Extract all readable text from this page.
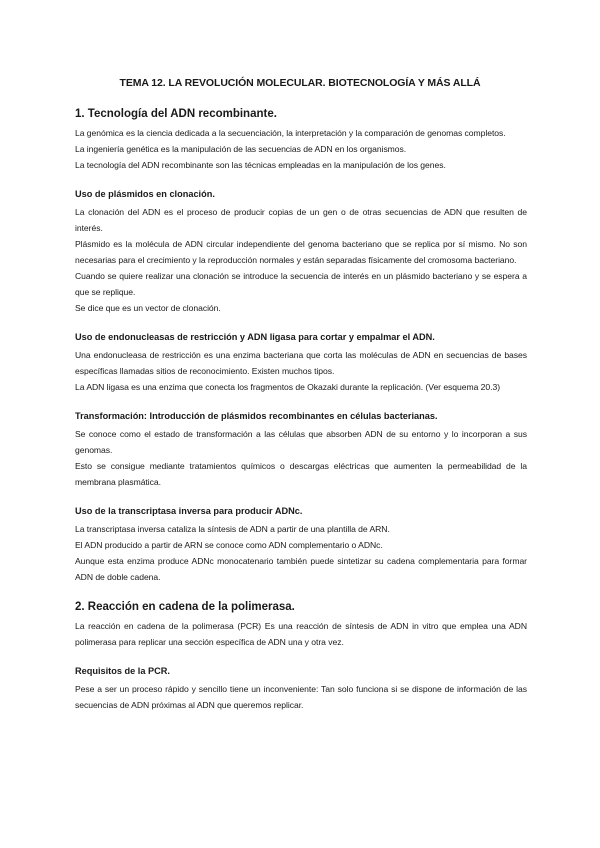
TEMA 12. LA REVOLUCIÓN MOLECULAR. BIOTECNOLOGÍA Y MÁS ALLÁ
1. Tecnología del ADN recombinante.

La genómica es la ciencia dedicada a la secuenciación, la interpretación y la comparación de genomas completos.

La ingeniería genética es la manipulación de las secuencias de ADN en los organismos.

La tecnología del ADN recombinante son las técnicas empleadas en la manipulación de los genes.

Uso de plásmidos en clonación.

La clonación del ADN es el proceso de producir copias de un gen o de otras secuencias de ADN que resulten de interés.

Plásmido es la molécula de ADN circular independiente del genoma bacteriano que se replica por sí mismo. No son necesarias para el crecimiento y la reproducción normales y están separadas físicamente del cromosoma bacteriano.

Cuando se quiere realizar una clonación se introduce la secuencia de interés en un plásmido bacteriano y se espera a que se replique.

Se dice que es un vector de clonación.

Uso de endonucleasas de restricción y ADN ligasa para cortar y empalmar el ADN.

Una endonucleasa de restricción es una enzima bacteriana que corta las moléculas de ADN en secuencias de bases específicas llamadas sitios de reconocimiento. Existen muchos tipos.

La ADN ligasa es una enzima que conecta los fragmentos de Okazaki durante la replicación. (Ver esquema 20.3)

Transformación: Introducción de plásmidos recombinantes en células bacterianas.

Se conoce como el estado de transformación a las células que absorben ADN de su entorno y lo incorporan a sus genomas.

Esto se consigue mediante tratamientos químicos o descargas eléctricas que aumenten la permeabilidad de la membrana plasmática.

Uso de la transcriptasa inversa para producir ADNc.

La transcriptasa inversa cataliza la síntesis de ADN a partir de una plantilla de ARN.

El ADN producido a partir de ARN se conoce como ADN complementario o ADNc.

Aunque esta enzima produce ADNc monocatenario también puede sintetizar su cadena complementaria para formar ADN de doble cadena.

2. Reacción en cadena de la polimerasa.

La reacción en cadena de la polimerasa (PCR) Es una reacción de síntesis de ADN in vitro que emplea una ADN polimerasa para replicar una sección específica de ADN una y otra vez.

Requisitos de la PCR.

Pese a ser un proceso rápido y sencillo tiene un inconveniente: Tan solo funciona si se dispone de información de las secuencias de ADN próximas al ADN que queremos replicar.
